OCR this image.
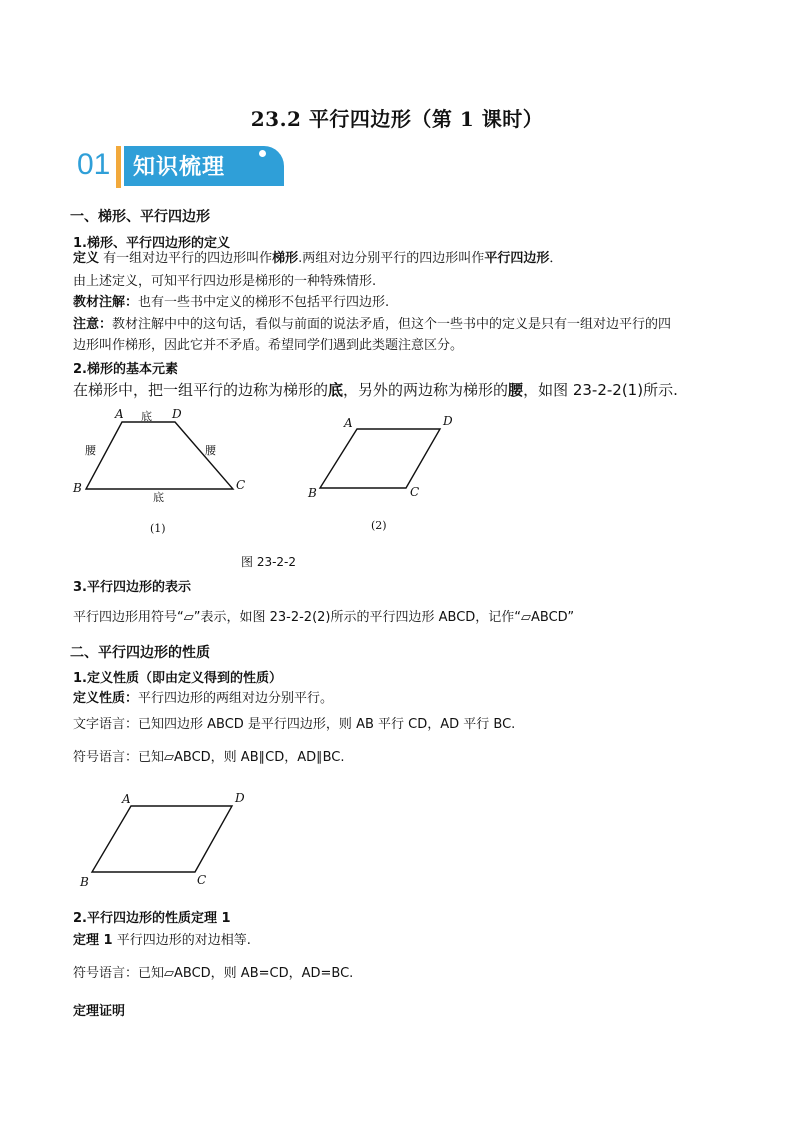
23.2 平行四边形（第 1 课时）
01 知识梳理
一、梯形、平行四边形
1.梯形、平行四边形的定义
定义 有一组对边平行的四边形叫作梯形.两组对边分别平行的四边形叫作平行四边形．
由上述定义，可知平行四边形是梯形的一种特殊情形.
教材注解：也有一些书中定义的梯形不包括平行四边形.
注意：教材注解中中的这句话，看似与前面的说法矛盾，但这个一些书中的定义是只有一组对边平行的四
边形叫作梯形，因此它并不矛盾。希望同学们遇到此类题注意区分。
2.梯形的基本元素
在梯形中，把一组平行的边称为梯形的底，另外的两边称为梯形的腰，如图 23-2-2(1)所示.
A	D
B	C
底
底
腰	腰
(1)
A	D
B	C
(2)
图 23-2-2
3.平行四边形的表示
平行四边形用符号“▱”表示，如图 23-2-2(2)所示的平行四边形 ABCD，记作“▱ABCD”
二、平行四边形的性质
1.定义性质（即由定义得到的性质）
定义性质：平行四边形的两组对边分别平行。
文字语言：已知四边形 ABCD 是平行四边形，则 AB 平行 CD，AD 平行 BC.
符号语言：已知▱ABCD，则 AB∥CD，AD∥BC.
A	D
B	C
2.平行四边形的性质定理 1
定理 1 平行四边形的对边相等.
符号语言：已知▱ABCD，则 AB=CD，AD=BC.
定理证明
